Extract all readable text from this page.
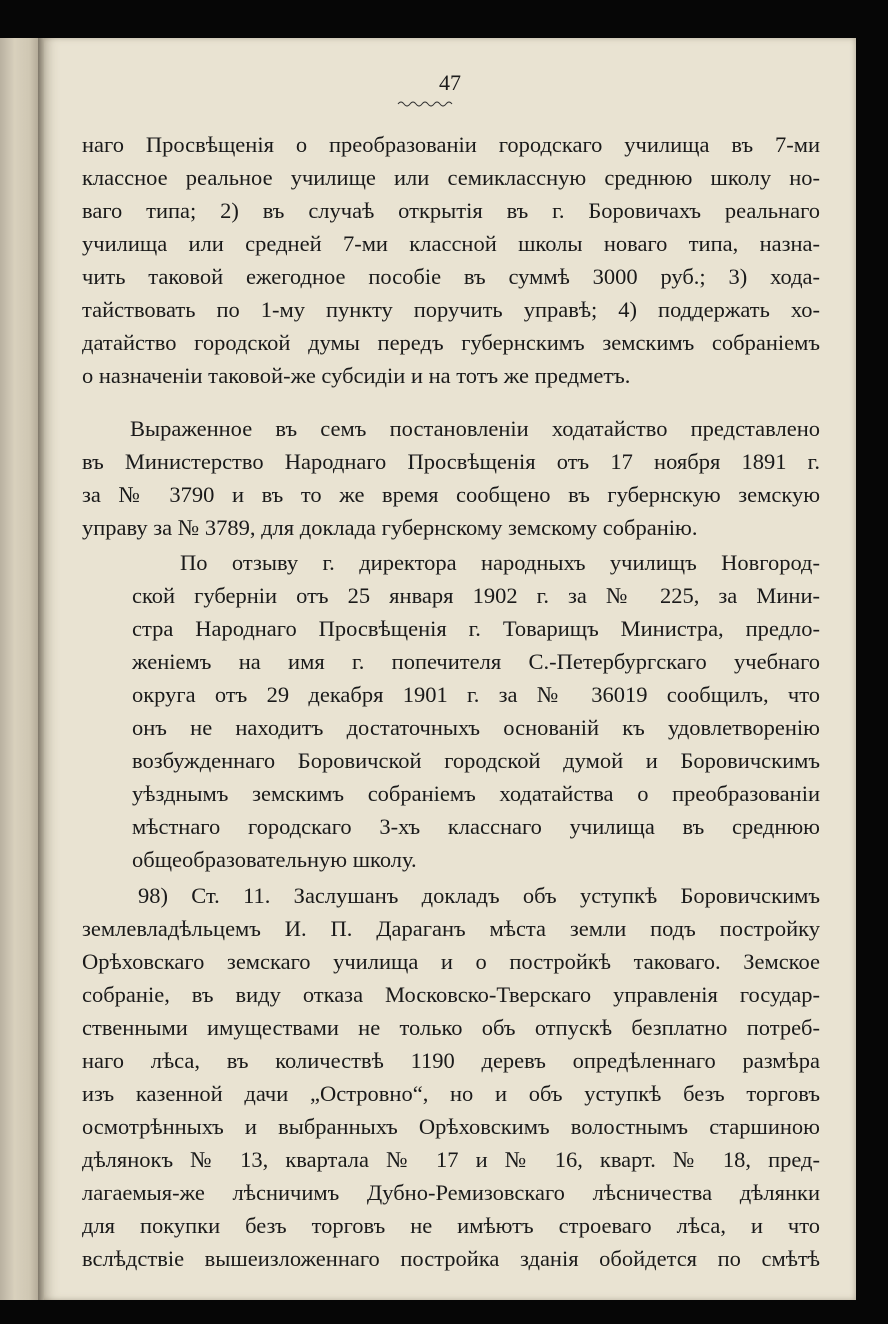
47
наго Просвѣщенія о преобразованіи городскаго училища въ 7-ми
классное реальное училище или семиклассную среднюю школу но-
ваго типа; 2) въ случаѣ открытія въ г. Боровичахъ реальнаго
училища или средней 7-ми классной школы новаго типа, назна-
чить таковой ежегодное пособіе въ суммѣ 3000 руб.; 3) хода-
тайствовать по 1-му пункту поручить управѣ; 4) поддержать хо-
датайство городской думы передъ губернскимъ земскимъ собраніемъ
о назначеніи таковой-же субсидіи и на тотъ же предметъ.
Выраженное въ семъ постановленіи ходатайство представлено
въ Министерство Народнаго Просвѣщенія отъ 17 ноября 1891 г.
за № 3790 и въ то же время сообщено въ губернскую земскую
управу за № 3789, для доклада губернскому земскому собранію.
По отзыву г. директора народныхъ училищъ Новгород-
ской губерніи отъ 25 января 1902 г. за № 225, за Мини-
стра Народнаго Просвѣщенія г. Товарищъ Министра, предло-
женіемъ на имя г. попечителя С.-Петербургскаго учебнаго
округа отъ 29 декабря 1901 г. за № 36019 сообщилъ, что
онъ не находитъ достаточныхъ основаній къ удовлетворенію
возбужденнаго Боровичской городской думой и Боровичскимъ
уѣзднымъ земскимъ собраніемъ ходатайства о преобразованіи
мѣстнаго городскаго 3-хъ класснаго училища въ среднюю
общеобразовательную школу.
98) Ст. 11. Заслушанъ докладъ объ уступкѣ Боровичскимъ
землевладѣльцемъ И. П. Дараганъ мѣста земли подъ постройку
Орѣховскаго земскаго училища и о постройкѣ таковаго. Земское
собраніе, въ виду отказа Московско-Тверскаго управленія государ-
ственными имуществами не только объ отпускѣ безплатно потреб-
наго лѣса, въ количествѣ 1190 деревъ опредѣленнаго размѣра
изъ казенной дачи „Островно“, но и объ уступкѣ безъ торговъ
осмотрѣнныхъ и выбранныхъ Орѣховскимъ волостнымъ старшиною
дѣлянокъ № 13, квартала № 17 и № 16, кварт. № 18, пред-
лагаемыя-же лѣсничимъ Дубно-Ремизовскаго лѣсничества дѣлянки
для покупки безъ торговъ не имѣютъ строеваго лѣса, и что
вслѣдствіе вышеизложеннаго постройка зданія обойдется по смѣтѣ
